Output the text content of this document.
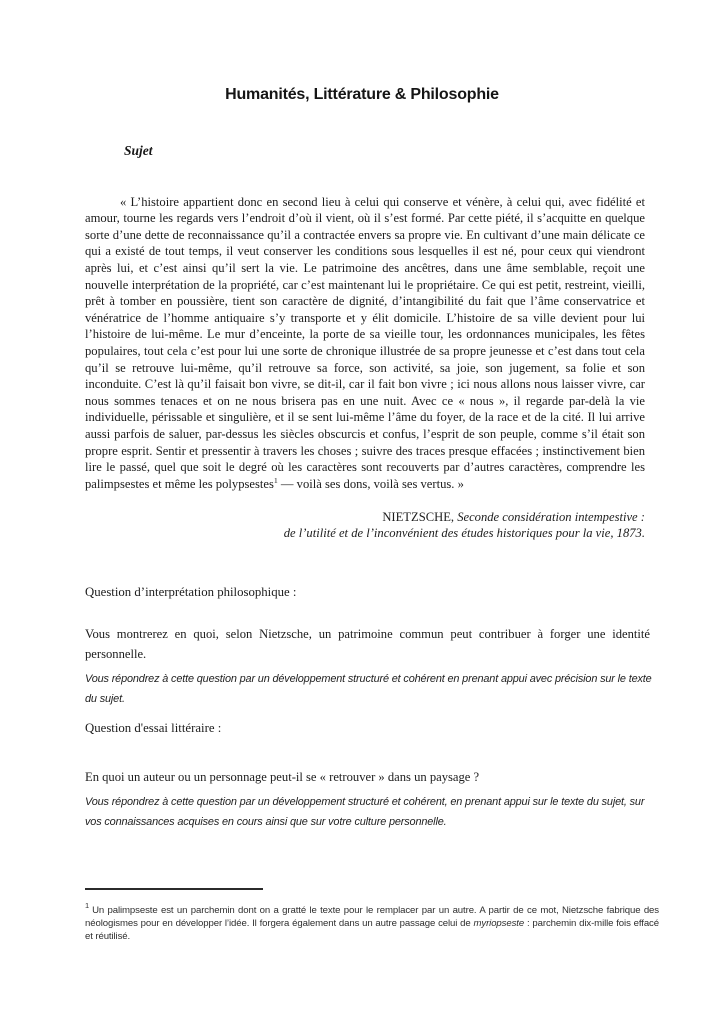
Humanités, Littérature & Philosophie
Sujet

« L’histoire appartient donc en second lieu à celui qui conserve et vénère, à celui qui, avec fidélité et amour, tourne les regards vers l’endroit d’où il vient, où il s’est formé. Par cette piété, il s’acquitte en quelque sorte d’une dette de reconnaissance qu’il a contractée envers sa propre vie. En cultivant d’une main délicate ce qui a existé de tout temps, il veut conserver les conditions sous lesquelles il est né, pour ceux qui viendront après lui, et c’est ainsi qu’il sert la vie. Le patrimoine des ancêtres, dans une âme semblable, reçoit une nouvelle interprétation de la propriété, car c’est maintenant lui le propriétaire. Ce qui est petit, restreint, vieilli, prêt à tomber en poussière, tient son caractère de dignité, d’intangibilité du fait que l’âme conservatrice et vénératrice de l’homme antiquaire s’y transporte et y élit domicile. L’histoire de sa ville devient pour lui l’histoire de lui-même. Le mur d’enceinte, la porte de sa vieille tour, les ordonnances municipales, les fêtes populaires, tout cela c’est pour lui une sorte de chronique illustrée de sa propre jeunesse et c’est dans tout cela qu’il se retrouve lui-même, qu’il retrouve sa force, son activité, sa joie, son jugement, sa folie et son inconduite. C’est là qu’il faisait bon vivre, se dit-il, car il fait bon vivre ; ici nous allons nous laisser vivre, car nous sommes tenaces et on ne nous brisera pas en une nuit. Avec ce « nous », il regarde par-delà la vie individuelle, périssable et singulière, et il se sent lui-même l’âme du foyer, de la race et de la cité. Il lui arrive aussi parfois de saluer, par-dessus les siècles obscurcis et confus, l’esprit de son peuple, comme s’il était son propre esprit. Sentir et pressentir à travers les choses ; suivre des traces presque effacées ; instinctivement bien lire le passé, quel que soit le degré où les caractères sont recouverts par d’autres caractères, comprendre les palimpsestes et même les polypsestes$^1$ — voilà ses dons, voilà ses vertus. »

NIETZSCHE, Seconde considération intempestive :
de l’utilité et de l’inconvénient des études historiques pour la vie, 1873.
Question d’interprétation philosophique :

Vous montrerez en quoi, selon Nietzsche, un patrimoine commun peut contribuer à forger une identité personnelle.

Vous répondrez à cette question par un développement structuré et cohérent en prenant appui avec précision sur le texte du sujet.

Question d'essai littéraire :

En quoi un auteur ou un personnage peut-il se « retrouver » dans un paysage ?

Vous répondrez à cette question par un développement structuré et cohérent, en prenant appui sur le texte du sujet, sur vos connaissances acquises en cours ainsi que sur votre culture personnelle.

$^1$ Un palimpseste est un parchemin dont on a gratté le texte pour le remplacer par un autre. A partir de ce mot, Nietzsche fabrique des néologismes pour en développer l’idée. Il forgera également dans un autre passage celui de myriopseste : parchemin dix-mille fois effacé et réutilisé.
